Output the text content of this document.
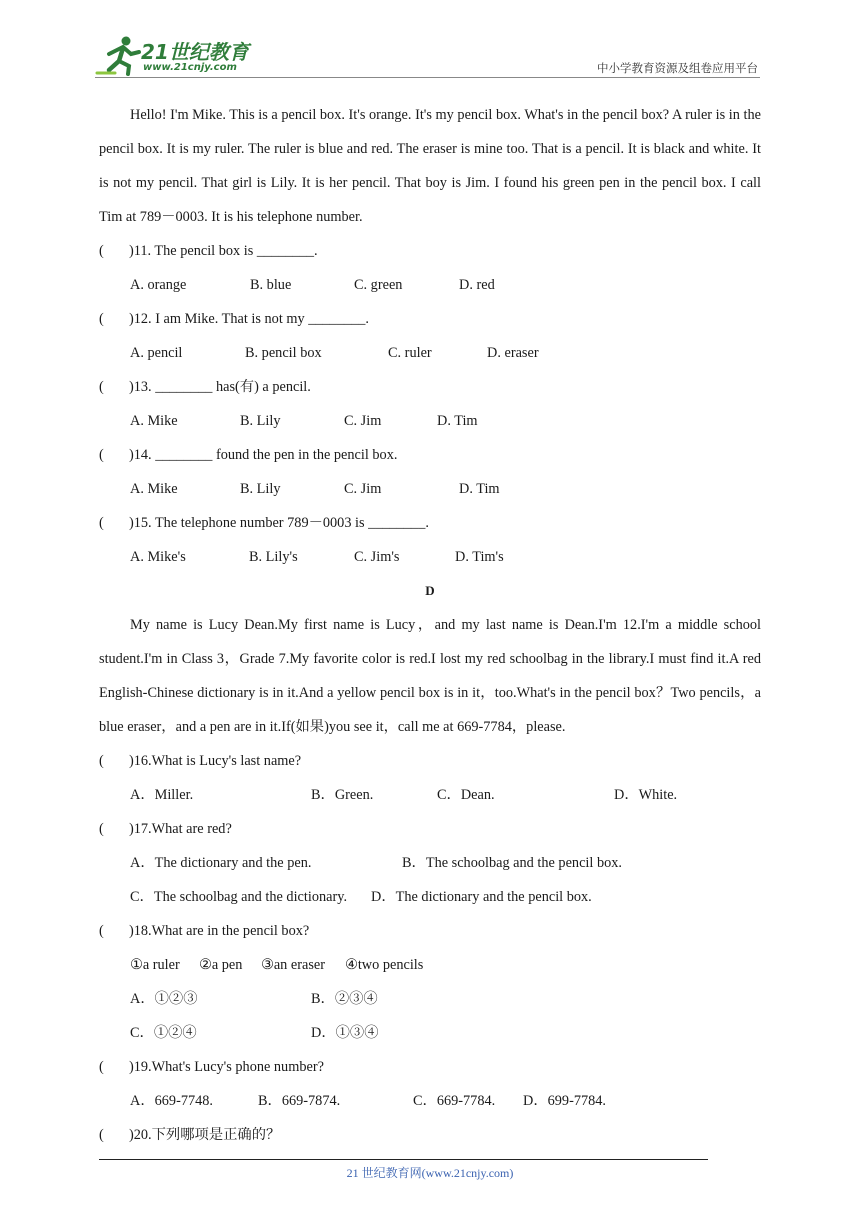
21世纪教育
www.21cnjy.com	中小学教育资源及组卷应用平台

Hello! I'm Mike. This is a pencil box. It's orange. It's my pencil box. What's in the pencil box? A ruler is in the pencil box. It is my ruler. The ruler is blue and red. The eraser is mine too. That is a pencil. It is black and white. It is not my pencil. That girl is Lily. It is her pencil. That boy is Jim. I found his green pen in the pencil box. I call Tim at 789－0003. It is his telephone number.

( )11. The pencil box is ________.
A. orange	B. blue	C. green	D. red
( )12. I am Mike. That is not my ________.
A. pencil	B. pencil box	C. ruler	D. eraser
( )13. ________ has(有) a pencil.
A. Mike	B. Lily	C. Jim	D. Tim
( )14. ________ found the pen in the pencil box.
A. Mike	B. Lily	C. Jim	D. Tim
( )15. The telephone number 789－0003 is ________.
A. Mike's	B. Lily's	C. Jim's	D. Tim's
D

My name is Lucy Dean.My first name is Lucy，and my last name is Dean.I'm 12.I'm a middle school student.I'm in Class 3，Grade 7.My favorite color is red.I lost my red schoolbag in the library.I must find it.A red English-Chinese dictionary is in it.And a yellow pencil box is in it，too.What's in the pencil box？Two pencils，a blue eraser，and a pen are in it.If(如果)you see it，call me at 669-7784，please.

( )16.What is Lucy's last name?
A．Miller.	B．Green.	C．Dean.	D．White.
( )17.What are red?
A．The dictionary and the pen.	B．The schoolbag and the pencil box.
C．The schoolbag and the dictionary. D．The dictionary and the pencil box.
( )18.What are in the pencil box?
①a ruler ②a pen ③an eraser ④two pencils
A．①②③	B．②③④
C．①②④	D．①③④
( )19.What's Lucy's phone number?
A．669-7748.	B．669-7874.	C．669-7784. D．699-7784.
( )20.下列哪项是正确的？
21 世纪教育网(www.21cnjy.com)
